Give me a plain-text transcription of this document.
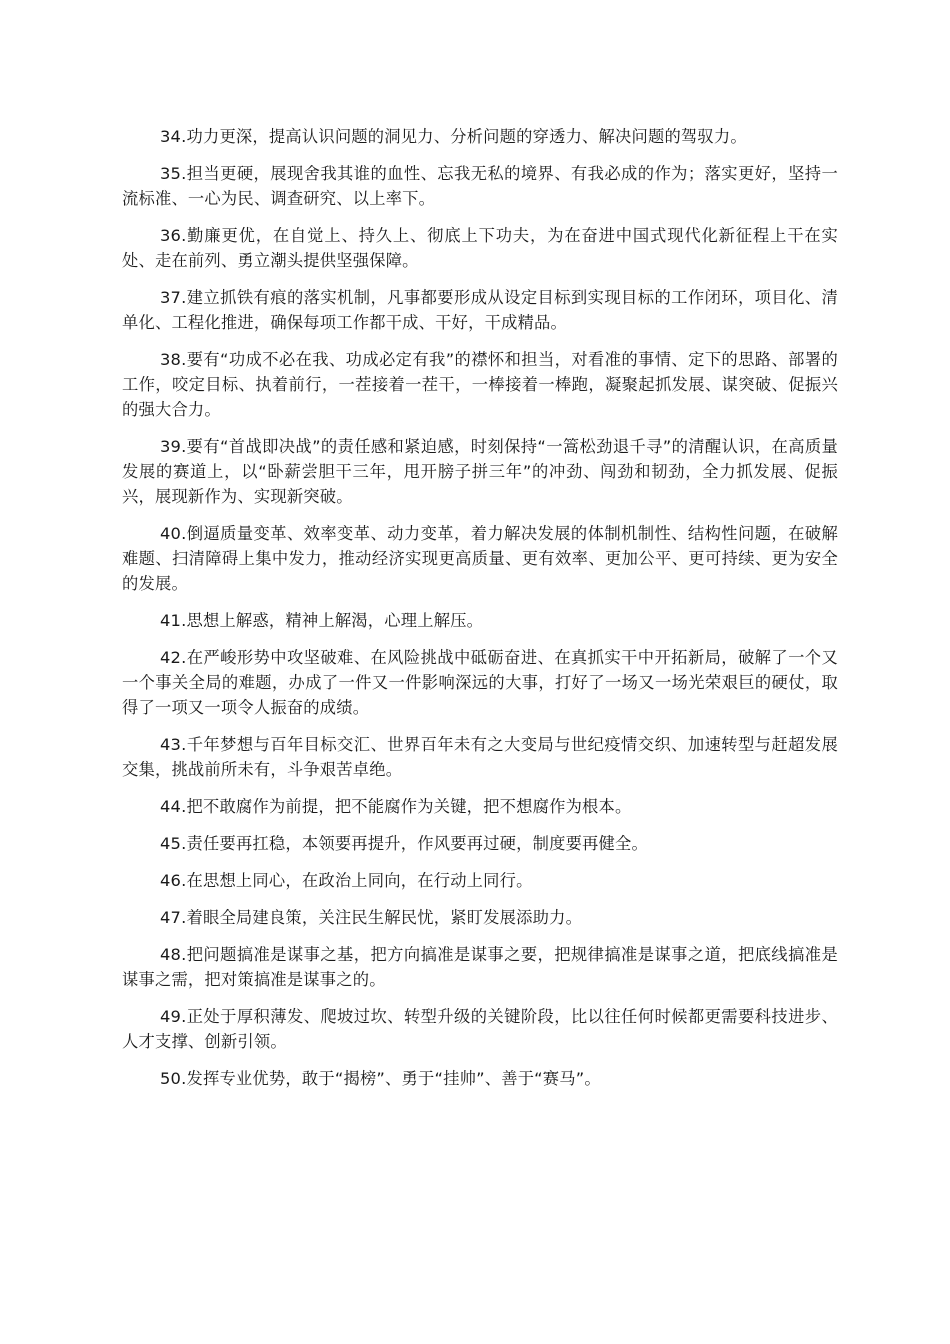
34.功力更深，提高认识问题的洞见力、分析问题的穿透力、解决问题的驾驭力。

35.担当更硬，展现舍我其谁的血性、忘我无私的境界、有我必成的作为；落实更好，坚持一流标准、一心为民、调查研究、以上率下。

36.勤廉更优，在自觉上、持久上、彻底上下功夫，为在奋进中国式现代化新征程上干在实处、走在前列、勇立潮头提供坚强保障。

37.建立抓铁有痕的落实机制，凡事都要形成从设定目标到实现目标的工作闭环，项目化、清单化、工程化推进，确保每项工作都干成、干好，干成精品。

38.要有“功成不必在我、功成必定有我”的襟怀和担当，对看准的事情、定下的思路、部署的工作，咬定目标、执着前行，一茬接着一茬干，一棒接着一棒跑，凝聚起抓发展、谋突破、促振兴的强大合力。

39.要有“首战即决战”的责任感和紧迫感，时刻保持“一篙松劲退千寻”的清醒认识，在高质量发展的赛道上，以“卧薪尝胆干三年，甩开膀子拼三年”的冲劲、闯劲和韧劲，全力抓发展、促振兴，展现新作为、实现新突破。

40.倒逼质量变革、效率变革、动力变革，着力解决发展的体制机制性、结构性问题，在破解难题、扫清障碍上集中发力，推动经济实现更高质量、更有效率、更加公平、更可持续、更为安全的发展。

41.思想上解惑，精神上解渴，心理上解压。

42.在严峻形势中攻坚破难、在风险挑战中砥砺奋进、在真抓实干中开拓新局，破解了一个又一个事关全局的难题，办成了一件又一件影响深远的大事，打好了一场又一场光荣艰巨的硬仗，取得了一项又一项令人振奋的成绩。

43.千年梦想与百年目标交汇、世界百年未有之大变局与世纪疫情交织、加速转型与赶超发展交集，挑战前所未有，斗争艰苦卓绝。

44.把不敢腐作为前提，把不能腐作为关键，把不想腐作为根本。

45.责任要再扛稳，本领要再提升，作风要再过硬，制度要再健全。

46.在思想上同心，在政治上同向，在行动上同行。

47.着眼全局建良策，关注民生解民忧，紧盯发展添助力。

48.把问题搞准是谋事之基，把方向搞准是谋事之要，把规律搞准是谋事之道，把底线搞准是谋事之需，把对策搞准是谋事之的。

49.正处于厚积薄发、爬坡过坎、转型升级的关键阶段，比以往任何时候都更需要科技进步、人才支撑、创新引领。

50.发挥专业优势，敢于“揭榜”、勇于“挂帅”、善于“赛马”。
